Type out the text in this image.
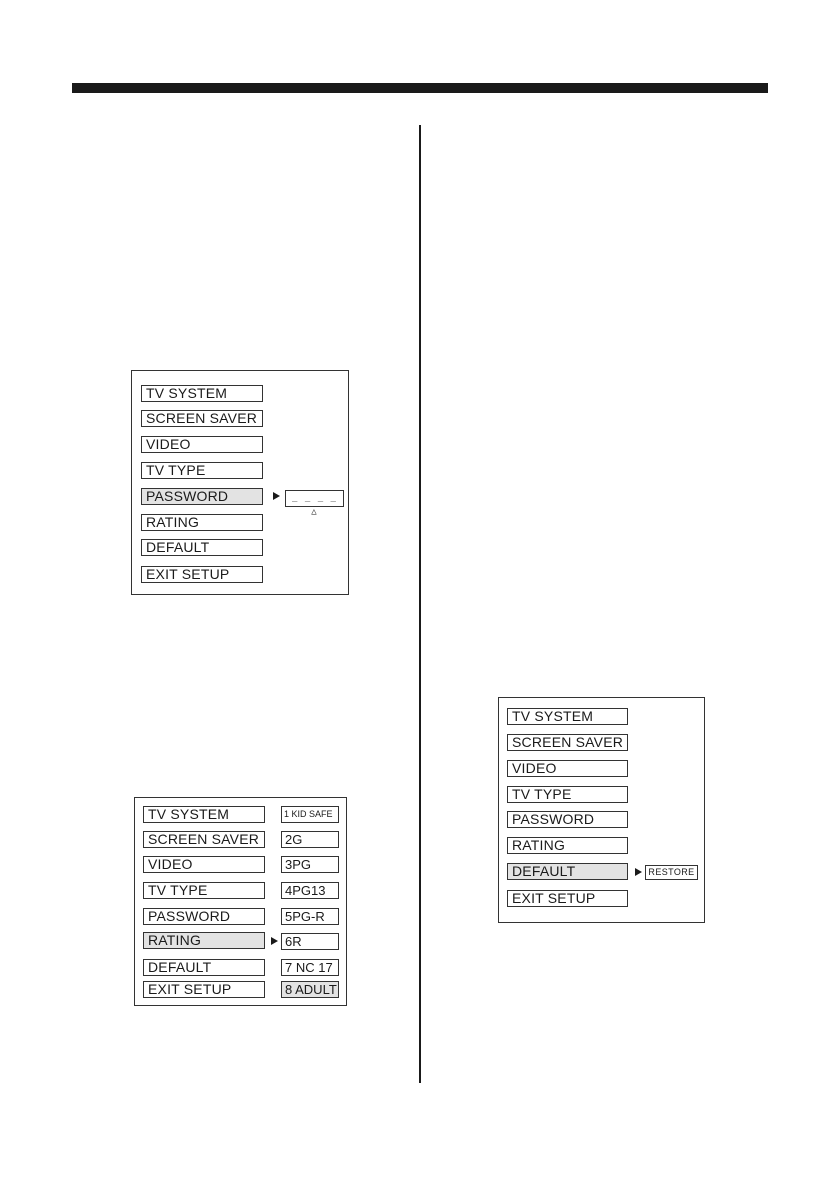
TV SYSTEM
SCREEN SAVER
VIDEO
TV TYPE
PASSWORD
RATING
DEFAULT
EXIT SETUP
_ _ _ _ △
TV SYSTEM
SCREEN SAVER
VIDEO
TV TYPE
PASSWORD
RATING
DEFAULT
EXIT SETUP
1 KID SAFE
2G
3PG
4PG13
5PG-R
6R
7 NC 17
8 ADULT
TV SYSTEM
SCREEN SAVER
VIDEO
TV TYPE
PASSWORD
RATING
DEFAULT
EXIT SETUP
RESTORE
